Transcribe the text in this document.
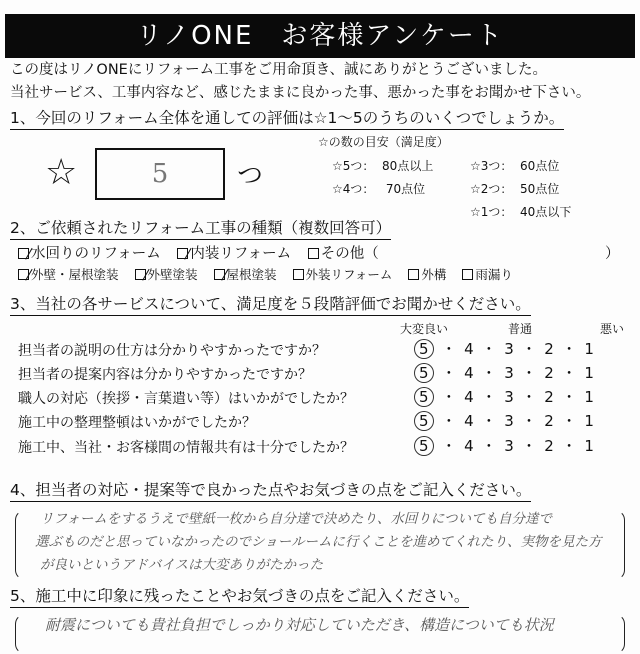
リノONE　お客様アンケート
この度はリノONEにリフォーム工事をご用命頂き、誠にありがとうございました。
当社サービス、工事内容など、感じたままに良かった事、悪かった事をお聞かせ下さい。
1、今回のリフォーム全体を通しての評価は☆1～5のうちのいくつでしょうか。
☆	5	つ
☆の数の目安（満足度）
☆5つ： 80点以上
☆4つ： 70点位
☆3つ： 60点位
☆2つ： 50点位
☆1つ： 40点以下
2、ご依頼されたリフォーム工事の種類（複数回答可）
水回りのリフォーム 内装リフォーム その他（	）
外壁・屋根塗装 外壁塗装 屋根塗装 外装リフォーム 外構 雨漏り
3、当社の各サービスについて、満足度を５段階評価でお聞かせください。
大変良い	普通	悪い
担当者の説明の仕方は分かりやすかったですか？	5 ・ 4 ・ 3 ・ 2 ・ 1
担当者の提案内容は分かりやすかったですか？	5 ・ 4 ・ 3 ・ 2 ・ 1
職人の対応（挨拶・言葉遣い等）はいかがでしたか？	5 ・ 4 ・ 3 ・ 2 ・ 1
施工中の整理整頓はいかがでしたか？	5 ・ 4 ・ 3 ・ 2 ・ 1
施工中、当社・お客様間の情報共有は十分でしたか？	5 ・ 4 ・ 3 ・ 2 ・ 1
4、担当者の対応・提案等で良かった点やお気づきの点をご記入ください。
リフォームをするうえで壁紙一枚から自分達で決めたり、水回りについても自分達で
選ぶものだと思っていなかったのでショールームに行くことを進めてくれたり、実物を見た方
が良いというアドバイスは大変ありがたかった
5、施工中に印象に残ったことやお気づきの点をご記入ください。
耐震についても貴社負担でしっかり対応していただき、構造についても状況
